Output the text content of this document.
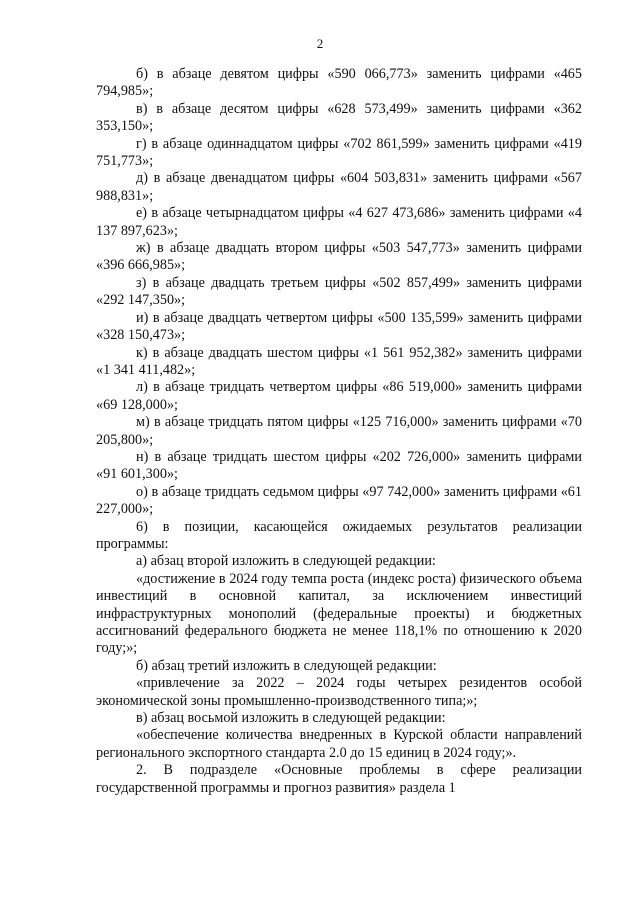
2

б) в абзаце девятом цифры «590 066,773» заменить цифрами «465 794,985»;

в) в абзаце десятом цифры «628 573,499» заменить цифрами «362 353,150»;

г) в абзаце одиннадцатом цифры «702 861,599» заменить цифрами «419 751,773»;

д) в абзаце двенадцатом цифры «604 503,831» заменить цифрами «567 988,831»;

е) в абзаце четырнадцатом цифры «4 627 473,686» заменить цифрами «4 137 897,623»;

ж) в абзаце двадцать втором цифры «503 547,773» заменить цифрами «396 666,985»;

з) в абзаце двадцать третьем цифры «502 857,499» заменить цифрами «292 147,350»;

и) в абзаце двадцать четвертом цифры «500 135,599» заменить цифрами «328 150,473»;

к) в абзаце двадцать шестом цифры «1 561 952,382» заменить цифрами «1 341 411,482»;

л) в абзаце тридцать четвертом цифры «86 519,000» заменить цифрами «69 128,000»;

м) в абзаце тридцать пятом цифры «125 716,000» заменить цифрами «70 205,800»;

н) в абзаце тридцать шестом цифры «202 726,000» заменить цифрами «91 601,300»;

о) в абзаце тридцать седьмом цифры «97 742,000» заменить цифрами «61 227,000»;

6) в позиции, касающейся ожидаемых результатов реализации программы:

а) абзац второй изложить в следующей редакции:

«достижение в 2024 году темпа роста (индекс роста) физического объема инвестиций в основной капитал, за исключением инвестиций инфраструктурных монополий (федеральные проекты) и бюджетных ассигнований федерального бюджета не менее 118,1% по отношению к 2020 году;»;

б) абзац третий изложить в следующей редакции:

«привлечение за 2022 – 2024 годы четырех резидентов особой экономической зоны промышленно-производственного типа;»;

в) абзац восьмой изложить в следующей редакции:

«обеспечение количества внедренных в Курской области направлений регионального экспортного стандарта 2.0 до 15 единиц в 2024 году;».

2. В подразделе «Основные проблемы в сфере реализации государственной программы и прогноз развития» раздела 1
